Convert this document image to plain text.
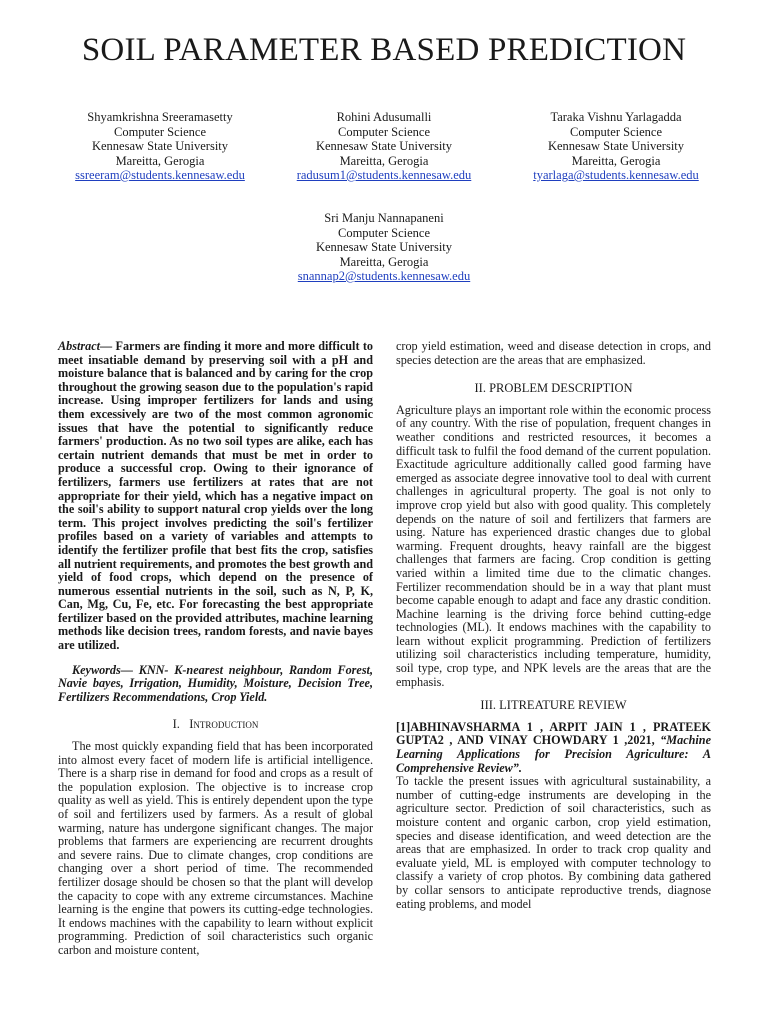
SOIL PARAMETER BASED PREDICTION
Shyamkrishna Sreeramasetty
Computer Science
Kennesaw State University
Mareitta, Gerogia
ssreeram@students.kennesaw.edu
Rohini Adusumalli
Computer Science
Kennesaw State University
Mareitta, Gerogia
radusum1@students.kennesaw.edu
Taraka Vishnu Yarlagadda
Computer Science
Kennesaw State University
Mareitta, Gerogia
tyarlaga@students.kennesaw.edu
Sri Manju Nannapaneni
Computer Science
Kennesaw State University
Mareitta, Gerogia
snannap2@students.kennesaw.edu

Abstract— Farmers are finding it more and more difficult to meet insatiable demand by preserving soil with a pH and moisture balance that is balanced and by caring for the crop throughout the growing season due to the population's rapid increase. Using improper fertilizers for lands and using them excessively are two of the most common agronomic issues that have the potential to significantly reduce farmers' production. As no two soil types are alike, each has certain nutrient demands that must be met in order to produce a successful crop. Owing to their ignorance of fertilizers, farmers use fertilizers at rates that are not appropriate for their yield, which has a negative impact on the soil's ability to support natural crop yields over the long term. This project involves predicting the soil's fertilizer profiles based on a variety of variables and attempts to identify the fertilizer profile that best fits the crop, satisfies all nutrient requirements, and promotes the best growth and yield of food crops, which depend on the presence of numerous essential nutrients in the soil, such as N, P, K, Can, Mg, Cu, Fe, etc. For forecasting the best appropriate fertilizer based on the provided attributes, machine learning methods like decision trees, random forests, and navie bayes are utilized.

Keywords— KNN- K-nearest neighbour, Random Forest, Navie bayes, Irrigation, Humidity, Moisture, Decision Tree, Fertilizers Recommendations, Crop Yield.

I. Introduction

The most quickly expanding field that has been incorporated into almost every facet of modern life is artificial intelligence. There is a sharp rise in demand for food and crops as a result of the population explosion. The objective is to increase crop quality as well as yield. This is entirely dependent upon the type of soil and fertilizers used by farmers. As a result of global warming, nature has undergone significant changes. The major problems that farmers are experiencing are recurrent droughts and severe rains. Due to climate changes, crop conditions are changing over a short period of time. The recommended fertilizer dosage should be chosen so that the plant will develop the capacity to cope with any extreme circumstances. Machine learning is the engine that powers its cutting-edge technologies. It endows machines with the capability to learn without explicit programming. Prediction of soil characteristics such organic carbon and moisture content,

crop yield estimation, weed and disease detection in crops, and species detection are the areas that are emphasized.

II. PROBLEM DESCRIPTION

Agriculture plays an important role within the economic process of any country. With the rise of population, frequent changes in weather conditions and restricted resources, it becomes a difficult task to fulfil the food demand of the current population. Exactitude agriculture additionally called good farming have emerged as associate degree innovative tool to deal with current challenges in agricultural property. The goal is not only to improve crop yield but also with good quality. This completely depends on the nature of soil and fertilizers that farmers are using. Nature has experienced drastic changes due to global warming. Frequent droughts, heavy rainfall are the biggest challenges that farmers are facing. Crop condition is getting varied within a limited time due to the climatic changes. Fertilizer recommendation should be in a way that plant must become capable enough to adapt and face any drastic condition. Machine learning is the driving force behind cutting-edge technologies (ML). It endows machines with the capability to learn without explicit programming. Prediction of fertilizers utilizing soil characteristics including temperature, humidity, soil type, crop type, and NPK levels are the areas that are the emphasis.

III. LITREATURE REVIEW

[1]ABHINAVSHARMA 1 , ARPIT JAIN 1 , PRATEEK GUPTA2 , AND VINAY CHOWDARY 1 ,2021, “Machine Learning Applications for Precision Agriculture: A Comprehensive Review”.

To tackle the present issues with agricultural sustainability, a number of cutting-edge instruments are developing in the agriculture sector. Prediction of soil characteristics, such as moisture content and organic carbon, crop yield estimation, species and disease identification, and weed detection are the areas that are emphasized. In order to track crop quality and evaluate yield, ML is employed with computer technology to classify a variety of crop photos. By combining data gathered by collar sensors to anticipate reproductive trends, diagnose eating problems, and model
